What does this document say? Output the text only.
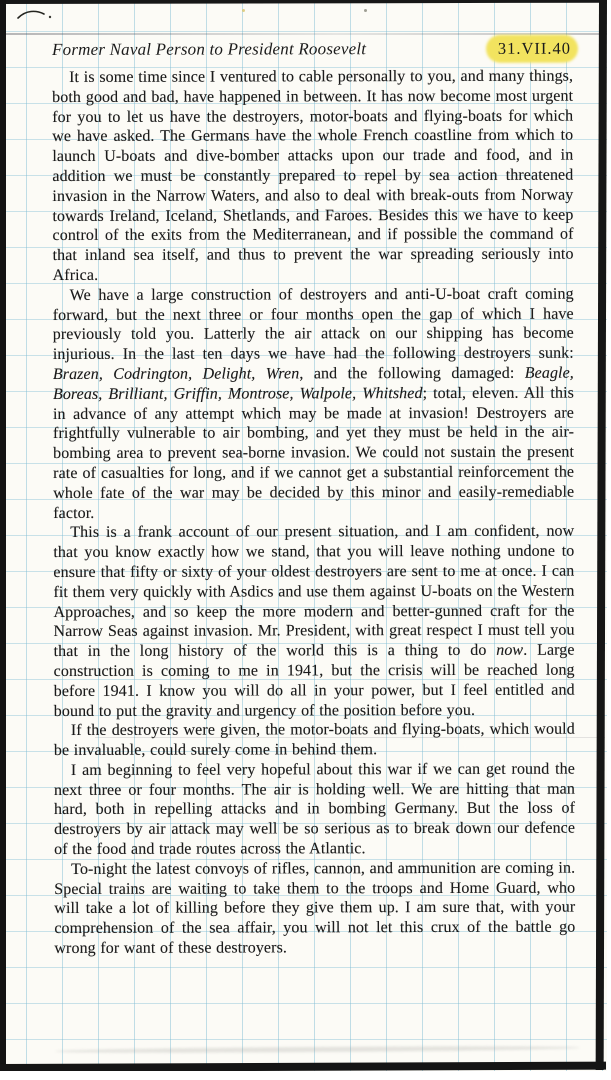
Former Naval Person to President Roosevelt	31.VII.40

It is some time since I ventured to cable personally to you, and many things, both good and bad, have happened in between. It has now become most urgent for you to let us have the destroyers, motor-boats and flying-boats for which we have asked. The Germans have the whole French coastline from which to launch U-boats and dive-bomber attacks upon our trade and food, and in addition we must be constantly prepared to repel by sea action threatened invasion in the Narrow Waters, and also to deal with break-outs from Norway towards Ireland, Iceland, Shetlands, and Faroes. Besides this we have to keep control of the exits from the Mediterranean, and if possible the command of that inland sea itself, and thus to prevent the war spreading seriously into Africa.

We have a large construction of destroyers and anti-U-boat craft coming forward, but the next three or four months open the gap of which I have previously told you. Latterly the air attack on our shipping has become injurious. In the last ten days we have had the following destroyers sunk: Brazen, Codrington, Delight, Wren, and the following damaged: Beagle, Boreas, Brilliant, Griffin, Montrose, Walpole, Whitshed; total, eleven. All this in advance of any attempt which may be made at invasion! Destroyers are frightfully vulnerable to air bombing, and yet they must be held in the air-bombing area to prevent sea-borne invasion. We could not sustain the present rate of casualties for long, and if we cannot get a substantial reinforcement the whole fate of the war may be decided by this minor and easily-remediable factor.

This is a frank account of our present situation, and I am confident, now that you know exactly how we stand, that you will leave nothing undone to ensure that fifty or sixty of your oldest destroyers are sent to me at once. I can fit them very quickly with Asdics and use them against U-boats on the Western Approaches, and so keep the more modern and better-gunned craft for the Narrow Seas against invasion. Mr. President, with great respect I must tell you that in the long history of the world this is a thing to do now. Large construction is coming to me in 1941, but the crisis will be reached long before 1941. I know you will do all in your power, but I feel entitled and bound to put the gravity and urgency of the position before you.

If the destroyers were given, the motor-boats and flying-boats, which would be invaluable, could surely come in behind them.

I am beginning to feel very hopeful about this war if we can get round the next three or four months. The air is holding well. We are hitting that man hard, both in repelling attacks and in bombing Germany. But the loss of destroyers by air attack may well be so serious as to break down our defence of the food and trade routes across the Atlantic.

To-night the latest convoys of rifles, cannon, and ammunition are coming in. Special trains are waiting to take them to the troops and Home Guard, who will take a lot of killing before they give them up. I am sure that, with your comprehension of the sea affair, you will not let this crux of the battle go wrong for want of these destroyers.
